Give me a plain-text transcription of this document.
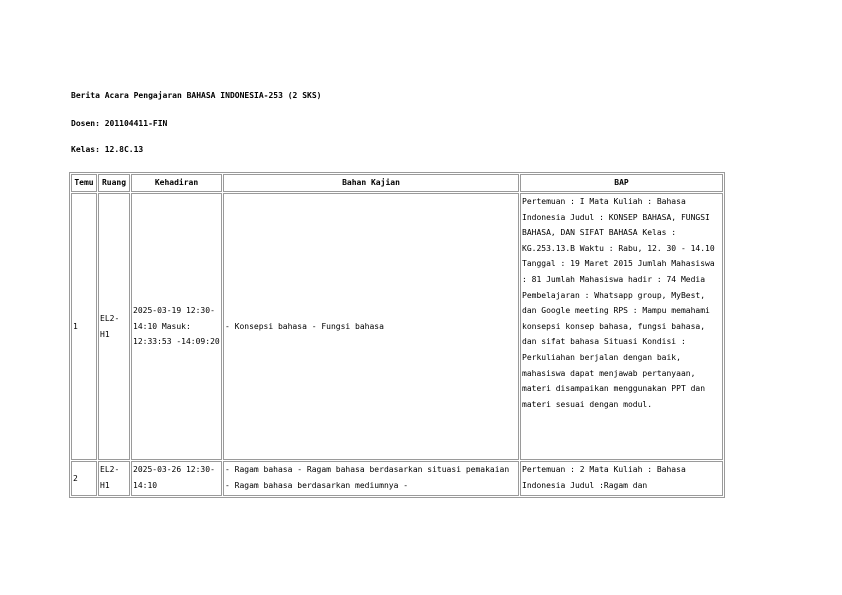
Berita Acara Pengajaran BAHASA INDONESIA-253 (2 SKS)
Dosen: 201104411-FIN
Kelas: 12.8C.13
Temu	Ruang	Kehadiran	Bahan Kajian	BAP
1	EL2-H1	2025-03-19 12:30-14:10 Masuk: 12:33:53 -14:09:20	- Konsepsi bahasa - Fungsi bahasa	Pertemuan : I Mata Kuliah : Bahasa Indonesia Judul : KONSEP BAHASA, FUNGSI BAHASA, DAN SIFAT BAHASA Kelas : KG.253.13.B Waktu : Rabu, 12. 30 - 14.10 Tanggal : 19 Maret 2015 Jumlah Mahasiswa : 81 Jumlah Mahasiswa hadir : 74 Media Pembelajaran : Whatsapp group, MyBest, dan Google meeting RPS : Mampu memahami konsepsi konsep bahasa, fungsi bahasa, dan sifat bahasa Situasi Kondisi : Perkuliahan berjalan dengan baik, mahasiswa dapat menjawab pertanyaan, materi disampaikan menggunakan PPT dan materi sesuai dengan modul.
2	EL2-H1	2025-03-26 12:30-14:10	- Ragam bahasa - Ragam bahasa berdasarkan situasi pemakaian - Ragam bahasa berdasarkan mediumnya -	Pertemuan : 2 Mata Kuliah : Bahasa Indonesia Judul :Ragam dan
